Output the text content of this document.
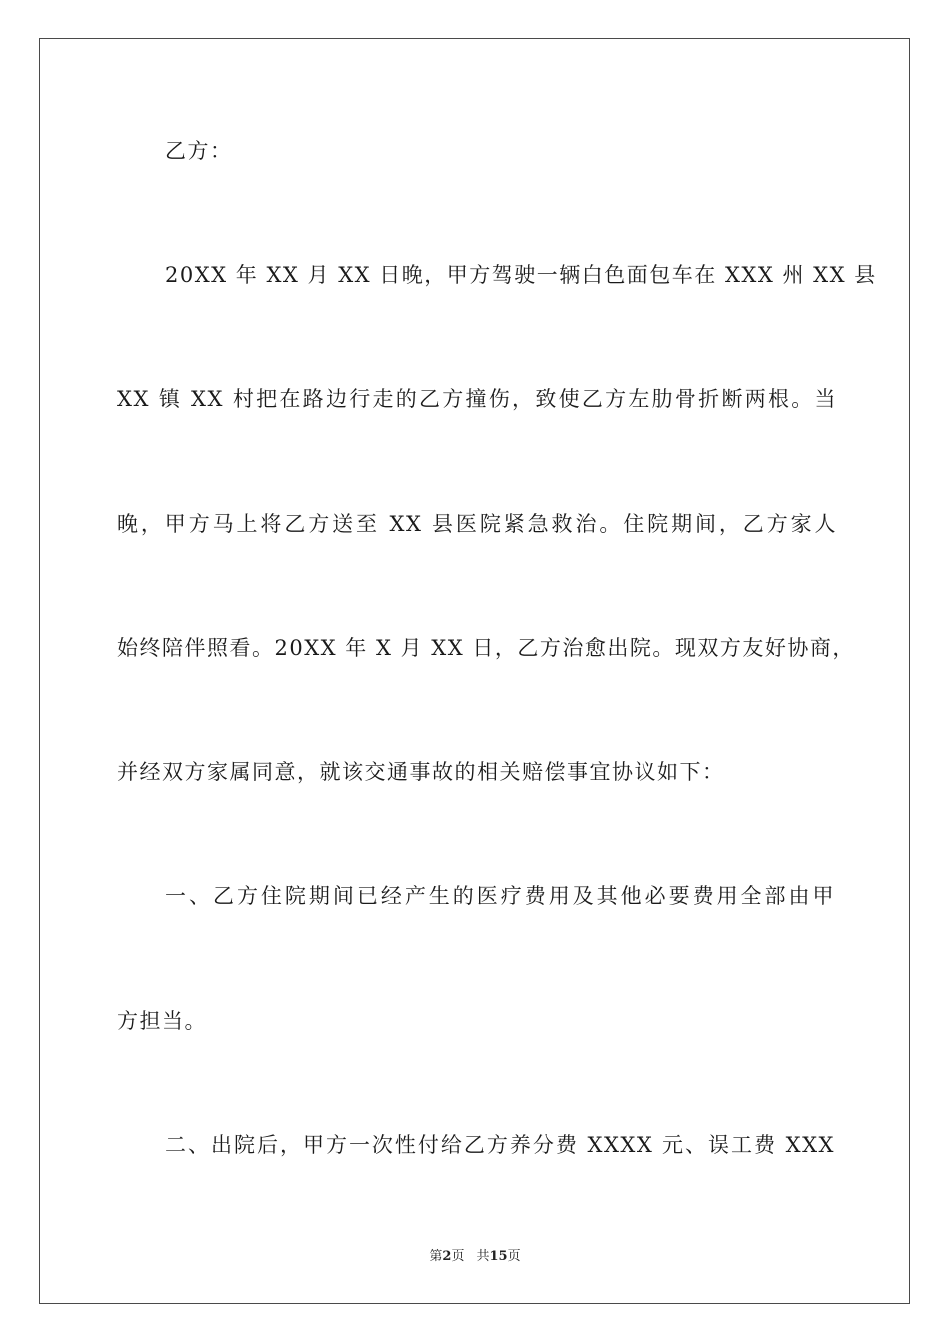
乙方：
20XX 年 XX 月 XX 日晚，甲方驾驶一辆白色面包车在 XXX 州 XX 县
XX 镇 XX 村把在路边行走的乙方撞伤，致使乙方左肋骨折断两根。当
晚，甲方马上将乙方送至 XX 县医院紧急救治。住院期间，乙方家人
始终陪伴照看。20XX 年 X 月 XX 日，乙方治愈出院。现双方友好协商，
并经双方家属同意，就该交通事故的相关赔偿事宜协议如下：
一、乙方住院期间已经产生的医疗费用及其他必要费用全部由甲
方担当。
二、出院后，甲方一次性付给乙方养分费 XXXX 元、误工费 XXX
第2页 共15页
